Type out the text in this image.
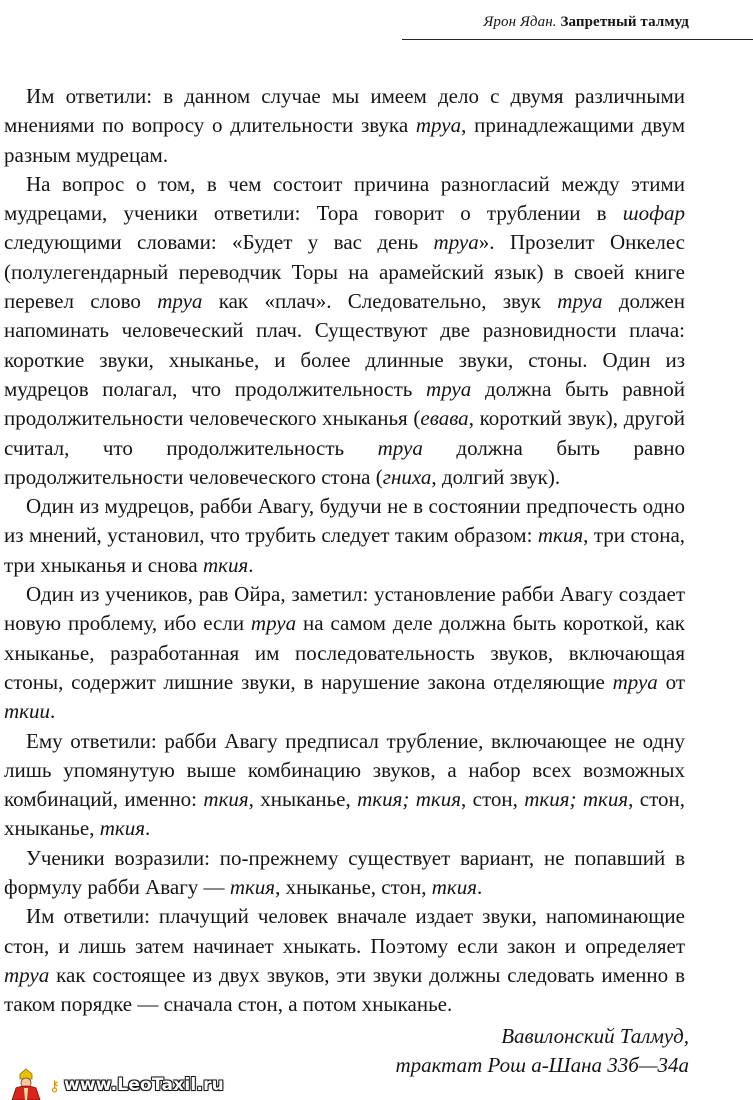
Ярон Ядан. Запретный талмуд

Им ответили: в данном случае мы имеем дело с двумя различными мнениями по вопросу о длительности звука труа, принадлежащими двум разным мудрецам.

На вопрос о том, в чем состоит причина разногласий между этими мудрецами, ученики ответили: Тора говорит о трублении в шофар следующими словами: «Будет у вас день труа». Прозелит Онкелес (полулегендарный переводчик Торы на арамейский язык) в своей книге перевел слово труа как «плач». Следовательно, звук труа должен напоминать человеческий плач. Существуют две разновидности плача: короткие звуки, хныканье, и более длинные звуки, стоны. Один из мудрецов полагал, что продолжительность труа должна быть равной продолжительности человеческого хныканья (евава, короткий звук), другой считал, что продолжительность труа должна быть равно продолжительности человеческого стона (гниха, долгий звук).

Один из мудрецов, рабби Авагу, будучи не в состоянии предпочесть одно из мнений, установил, что трубить следует таким образом: ткия, три стона, три хныканья и снова ткия.

Один из учеников, рав Ойра, заметил: установление рабби Авагу создает новую проблему, ибо если труа на самом деле должна быть короткой, как хныканье, разработанная им последовательность звуков, включающая стоны, содержит лишние звуки, в нарушение закона отделяющие труа от ткии.

Ему ответили: рабби Авагу предписал трубление, включающее не одну лишь упомянутую выше комбинацию звуков, а набор всех возможных комбинаций, именно: ткия, хныканье, ткия; ткия, стон, ткия; ткия, стон, хныканье, ткия.

Ученики возразили: по-прежнему существует вариант, не попавший в формулу рабби Авагу — ткия, хныканье, стон, ткия.

Им ответили: плачущий человек вначале издает звуки, напоминающие стон, и лишь затем начинает хныкать. Поэтому если закон и определяет труа как состоящее из двух звуков, эти звуки должны следовать именно в таком порядке — сначала стон, а потом хныканье.

Вавилонский Талмуд,
трактат Рош а-Шана 33б—34а
⚷ www.LeoTaxil.ru
